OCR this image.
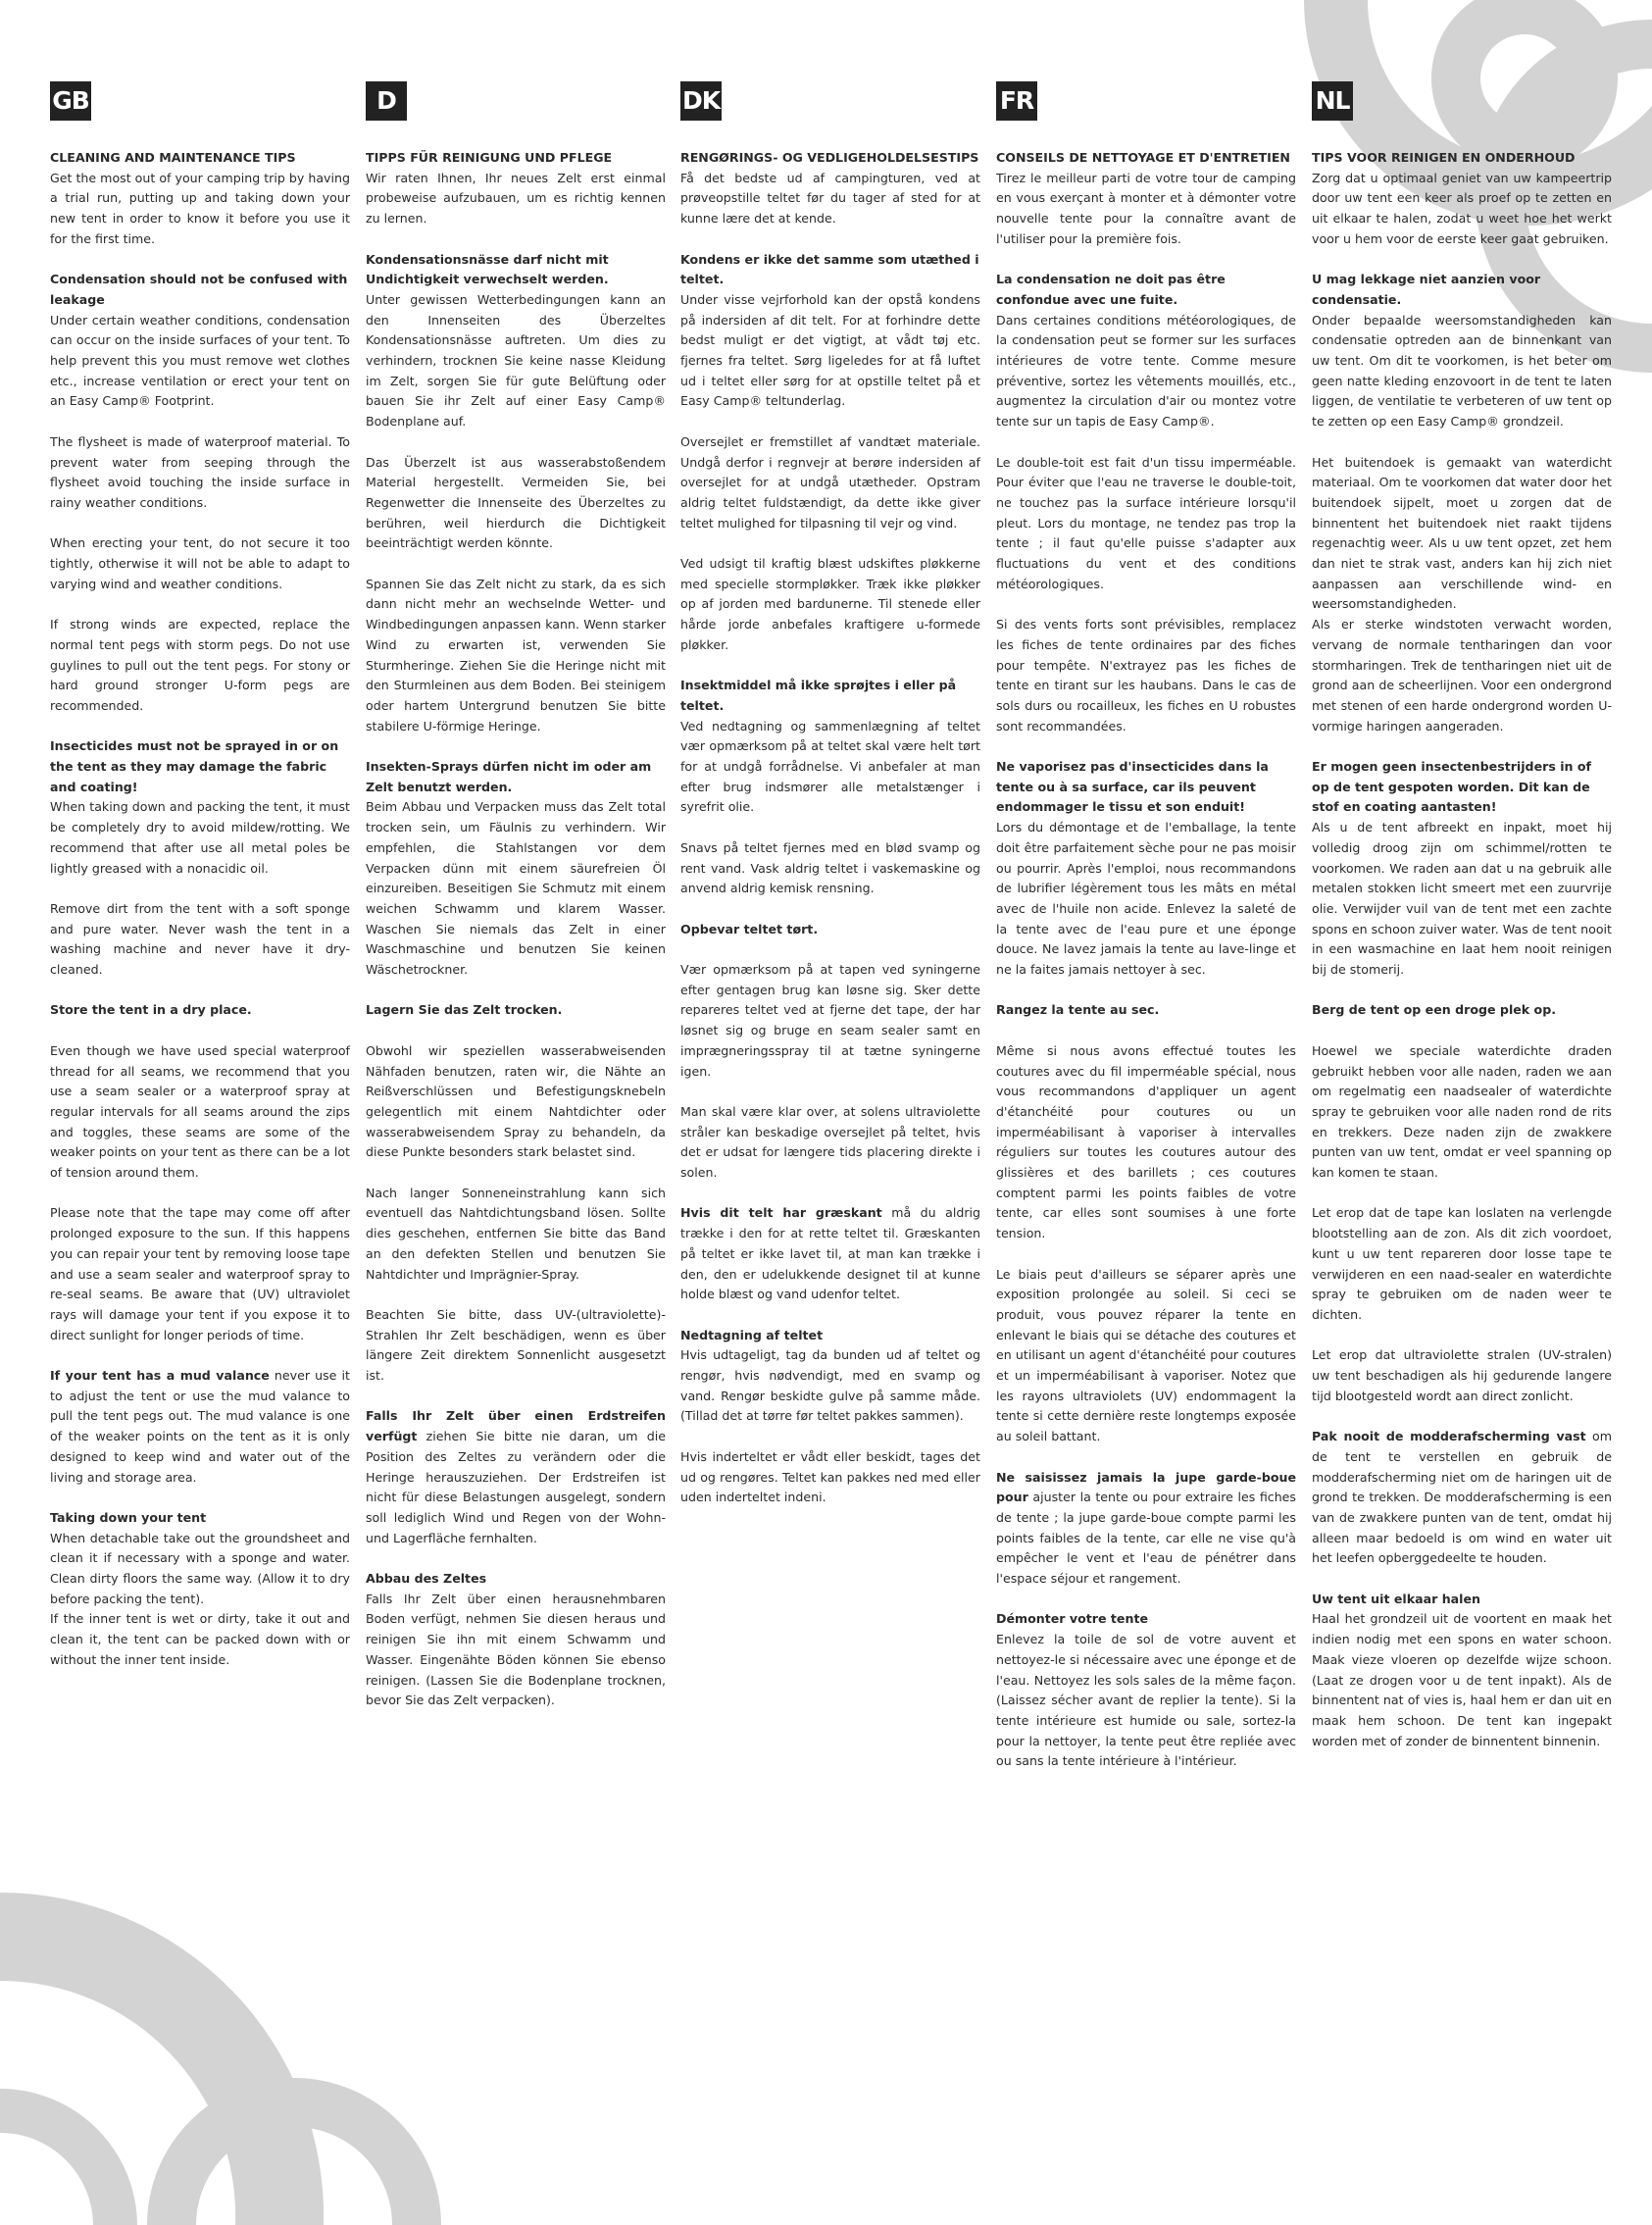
GB

CLEANING AND MAINTENANCE TIPS

Get the most out of your camping trip by having a trial run, putting up and taking down your new tent in order to know it before you use it for the first time.

Condensation should not be confused with leakage

Under certain weather conditions, condensation can occur on the inside surfaces of your tent. To help prevent this you must remove wet clothes etc., increase ventilation or erect your tent on an Easy Camp® Footprint.

The flysheet is made of waterproof material. To prevent water from seeping through the flysheet avoid touching the inside surface in rainy weather conditions.

When erecting your tent, do not secure it too tightly, otherwise it will not be able to adapt to varying wind and weather conditions.

If strong winds are expected, replace the normal tent pegs with storm pegs. Do not use guylines to pull out the tent pegs. For stony or hard ground stronger U-form pegs are recommended.

Insecticides must not be sprayed in or on the tent as they may damage the fabric and coating!

When taking down and packing the tent, it must be completely dry to avoid mildew/rotting. We recommend that after use all metal poles be lightly greased with a nonacidic oil.

Remove dirt from the tent with a soft sponge and pure water. Never wash the tent in a washing machine and never have it dry-cleaned.

Store the tent in a dry place.

Even though we have used special waterproof thread for all seams, we recommend that you use a seam sealer or a waterproof spray at regular intervals for all seams around the zips and toggles, these seams are some of the weaker points on your tent as there can be a lot of tension around them.

Please note that the tape may come off after prolonged exposure to the sun. If this happens you can repair your tent by removing loose tape and use a seam sealer and waterproof spray to re-seal seams. Be aware that (UV) ultraviolet rays will damage your tent if you expose it to direct sunlight for longer periods of time.

If your tent has a mud valance never use it to adjust the tent or use the mud valance to pull the tent pegs out. The mud valance is one of the weaker points on the tent as it is only designed to keep wind and water out of the living and storage area.

Taking down your tent

When detachable take out the groundsheet and clean it if necessary with a sponge and water. Clean dirty floors the same way. (Allow it to dry before packing the tent).

If the inner tent is wet or dirty, take it out and clean it, the tent can be packed down with or without the inner tent inside.

D

TIPPS FÜR REINIGUNG UND PFLEGE

Wir raten Ihnen, Ihr neues Zelt erst einmal probeweise aufzubauen, um es richtig kennen zu lernen.

Kondensationsnässe darf nicht mit Undichtigkeit verwechselt werden.

Unter gewissen Wetterbedingungen kann an den Innenseiten des Überzeltes Kondensationsnässe auftreten. Um dies zu verhindern, trocknen Sie keine nasse Kleidung im Zelt, sorgen Sie für gute Belüftung oder bauen Sie ihr Zelt auf einer Easy Camp® Bodenplane auf.

Das Überzelt ist aus wasserabstoßendem Material hergestellt. Vermeiden Sie, bei Regenwetter die Innenseite des Überzeltes zu berühren, weil hierdurch die Dichtigkeit beeinträchtigt werden könnte.

Spannen Sie das Zelt nicht zu stark, da es sich dann nicht mehr an wechselnde Wetter- und Windbedingungen anpassen kann. Wenn starker Wind zu erwarten ist, verwenden Sie Sturmheringe. Ziehen Sie die Heringe nicht mit den Sturmleinen aus dem Boden. Bei steinigem oder hartem Untergrund benutzen Sie bitte stabilere U-förmige Heringe.

Insekten-Sprays dürfen nicht im oder am Zelt benutzt werden.

Beim Abbau und Verpacken muss das Zelt total trocken sein, um Fäulnis zu verhindern. Wir empfehlen, die Stahlstangen vor dem Verpacken dünn mit einem säurefreien Öl einzureiben. Beseitigen Sie Schmutz mit einem weichen Schwamm und klarem Wasser. Waschen Sie niemals das Zelt in einer Waschmaschine und benutzen Sie keinen Wäschetrockner.

Lagern Sie das Zelt trocken.

Obwohl wir speziellen wasserabweisenden Nähfaden benutzen, raten wir, die Nähte an Reißverschlüssen und Befestigungsknebeln gelegentlich mit einem Nahtdichter oder wasserabweisendem Spray zu behandeln, da diese Punkte besonders stark belastet sind.

Nach langer Sonneneinstrahlung kann sich eventuell das Nahtdichtungsband lösen. Sollte dies geschehen, entfernen Sie bitte das Band an den defekten Stellen und benutzen Sie Nahtdichter und Imprägnier-Spray.

Beachten Sie bitte, dass UV-(ultraviolette)-Strahlen Ihr Zelt beschädigen, wenn es über längere Zeit direktem Sonnenlicht ausgesetzt ist.

Falls Ihr Zelt über einen Erdstreifen verfügt ziehen Sie bitte nie daran, um die Position des Zeltes zu verändern oder die Heringe herauszuziehen. Der Erdstreifen ist nicht für diese Belastungen ausgelegt, sondern soll lediglich Wind und Regen von der Wohn- und Lagerfläche fernhalten.

Abbau des Zeltes

Falls Ihr Zelt über einen herausnehmbaren Boden verfügt, nehmen Sie diesen heraus und reinigen Sie ihn mit einem Schwamm und Wasser. Eingenähte Böden können Sie ebenso reinigen. (Lassen Sie die Bodenplane trocknen, bevor Sie das Zelt verpacken).

DK

RENGØRINGS- OG VEDLIGEHOLDELSESTIPS

Få det bedste ud af campingturen, ved at prøveopstille teltet før du tager af sted for at kunne lære det at kende.

Kondens er ikke det samme som utæthed i teltet.

Under visse vejrforhold kan der opstå kondens på indersiden af dit telt. For at forhindre dette bedst muligt er det vigtigt, at vådt tøj etc. fjernes fra teltet. Sørg ligeledes for at få luftet ud i teltet eller sørg for at opstille teltet på et Easy Camp® teltunderlag.

Oversejlet er fremstillet af vandtæt materiale. Undgå derfor i regnvejr at berøre indersiden af oversejlet for at undgå utætheder. Opstram aldrig teltet fuldstændigt, da dette ikke giver teltet mulighed for tilpasning til vejr og vind.

Ved udsigt til kraftig blæst udskiftes pløkkerne med specielle stormpløkker. Træk ikke pløkker op af jorden med bardunerne. Til stenede eller hårde jorde anbefales kraftigere u-formede pløkker.

Insektmiddel må ikke sprøjtes i eller på teltet.

Ved nedtagning og sammenlægning af teltet vær opmærksom på at teltet skal være helt tørt for at undgå forrådnelse. Vi anbefaler at man efter brug indsmører alle metalstænger i syrefrit olie.

Snavs på teltet fjernes med en blød svamp og rent vand. Vask aldrig teltet i vaskemaskine og anvend aldrig kemisk rensning.

Opbevar teltet tørt.

Vær opmærksom på at tapen ved syningerne efter gentagen brug kan løsne sig. Sker dette repareres teltet ved at fjerne det tape, der har løsnet sig og bruge en seam sealer samt en imprægneringsspray til at tætne syningerne igen.

Man skal være klar over, at solens ultraviolette stråler kan beskadige oversejlet på teltet, hvis det er udsat for længere tids placering direkte i solen.

Hvis dit telt har græskant må du aldrig trække i den for at rette teltet til. Græskanten på teltet er ikke lavet til, at man kan trække i den, den er udelukkende designet til at kunne holde blæst og vand udenfor teltet.

Nedtagning af teltet

Hvis udtageligt, tag da bunden ud af teltet og rengør, hvis nødvendigt, med en svamp og vand. Rengør beskidte gulve på samme måde. (Tillad det at tørre før teltet pakkes sammen).

Hvis inderteltet er vådt eller beskidt, tages det ud og rengøres. Teltet kan pakkes ned med eller uden inderteltet indeni.

FR

CONSEILS DE NETTOYAGE ET D'ENTRETIEN

Tirez le meilleur parti de votre tour de camping en vous exerçant à monter et à démonter votre nouvelle tente pour la connaître avant de l'utiliser pour la première fois.

La condensation ne doit pas être confondue avec une fuite.

Dans certaines conditions météorologiques, de la condensation peut se former sur les surfaces intérieures de votre tente. Comme mesure préventive, sortez les vêtements mouillés, etc., augmentez la circulation d'air ou montez votre tente sur un tapis de Easy Camp®.

Le double-toit est fait d'un tissu imperméable. Pour éviter que l'eau ne traverse le double-toit, ne touchez pas la surface intérieure lorsqu'il pleut. Lors du montage, ne tendez pas trop la tente ; il faut qu'elle puisse s'adapter aux fluctuations du vent et des conditions météorologiques.

Si des vents forts sont prévisibles, remplacez les fiches de tente ordinaires par des fiches pour tempête. N'extrayez pas les fiches de tente en tirant sur les haubans. Dans le cas de sols durs ou rocailleux, les fiches en U robustes sont recommandées.

Ne vaporisez pas d'insecticides dans la tente ou à sa surface, car ils peuvent endommager le tissu et son enduit!

Lors du démontage et de l'emballage, la tente doit être parfaitement sèche pour ne pas moisir ou pourrir. Après l'emploi, nous recommandons de lubrifier légèrement tous les mâts en métal avec de l'huile non acide. Enlevez la saleté de la tente avec de l'eau pure et une éponge douce. Ne lavez jamais la tente au lave-linge et ne la faites jamais nettoyer à sec.

Rangez la tente au sec.

Même si nous avons effectué toutes les coutures avec du fil imperméable spécial, nous vous recommandons d'appliquer un agent d'étanchéité pour coutures ou un imperméabilisant à vaporiser à intervalles réguliers sur toutes les coutures autour des glissières et des barillets ; ces coutures comptent parmi les points faibles de votre tente, car elles sont soumises à une forte tension.

Le biais peut d'ailleurs se séparer après une exposition prolongée au soleil. Si ceci se produit, vous pouvez réparer la tente en enlevant le biais qui se détache des coutures et en utilisant un agent d'étanchéité pour coutures et un imperméabilisant à vaporiser. Notez que les rayons ultraviolets (UV) endommagent la tente si cette dernière reste longtemps exposée au soleil battant.

Ne saisissez jamais la jupe garde-boue pour ajuster la tente ou pour extraire les fiches de tente ; la jupe garde-boue compte parmi les points faibles de la tente, car elle ne vise qu'à empêcher le vent et l'eau de pénétrer dans l'espace séjour et rangement.

Démonter votre tente

Enlevez la toile de sol de votre auvent et nettoyez-le si nécessaire avec une éponge et de l'eau. Nettoyez les sols sales de la même façon. (Laissez sécher avant de replier la tente). Si la tente intérieure est humide ou sale, sortez-la pour la nettoyer, la tente peut être repliée avec ou sans la tente intérieure à l'intérieur.

NL

TIPS VOOR REINIGEN EN ONDERHOUD

Zorg dat u optimaal geniet van uw kampeertrip door uw tent een keer als proef op te zetten en uit elkaar te halen, zodat u weet hoe het werkt voor u hem voor de eerste keer gaat gebruiken.

U mag lekkage niet aanzien voor condensatie.

Onder bepaalde weersomstandigheden kan condensatie optreden aan de binnenkant van uw tent. Om dit te voorkomen, is het beter om geen natte kleding enzovoort in de tent te laten liggen, de ventilatie te verbeteren of uw tent op te zetten op een Easy Camp® grondzeil.

Het buitendoek is gemaakt van waterdicht materiaal. Om te voorkomen dat water door het buitendoek sijpelt, moet u zorgen dat de binnentent het buitendoek niet raakt tijdens regenachtig weer. Als u uw tent opzet, zet hem dan niet te strak vast, anders kan hij zich niet aanpassen aan verschillende wind- en weersomstandigheden.

Als er sterke windstoten verwacht worden, vervang de normale tentharingen dan voor stormharingen. Trek de tentharingen niet uit de grond aan de scheerlijnen. Voor een ondergrond met stenen of een harde ondergrond worden U-vormige haringen aangeraden.

Er mogen geen insectenbestrijders in of op de tent gespoten worden. Dit kan de stof en coating aantasten!

Als u de tent afbreekt en inpakt, moet hij volledig droog zijn om schimmel/rotten te voorkomen. We raden aan dat u na gebruik alle metalen stokken licht smeert met een zuurvrije olie. Verwijder vuil van de tent met een zachte spons en schoon zuiver water. Was de tent nooit in een wasmachine en laat hem nooit reinigen bij de stomerij.

Berg de tent op een droge plek op.

Hoewel we speciale waterdichte draden gebruikt hebben voor alle naden, raden we aan om regelmatig een naadsealer of waterdichte spray te gebruiken voor alle naden rond de rits en trekkers. Deze naden zijn de zwakkere punten van uw tent, omdat er veel spanning op kan komen te staan.

Let erop dat de tape kan loslaten na verlengde blootstelling aan de zon. Als dit zich voordoet, kunt u uw tent repareren door losse tape te verwijderen en een naad-sealer en waterdichte spray te gebruiken om de naden weer te dichten.

Let erop dat ultraviolette stralen (UV-stralen) uw tent beschadigen als hij gedurende langere tijd blootgesteld wordt aan direct zonlicht.

Pak nooit de modderafscherming vast om de tent te verstellen en gebruik de modderafscherming niet om de haringen uit de grond te trekken. De modderafscherming is een van de zwakkere punten van de tent, omdat hij alleen maar bedoeld is om wind en water uit het leefen opberggedeelte te houden.

Uw tent uit elkaar halen

Haal het grondzeil uit de voortent en maak het indien nodig met een spons en water schoon. Maak vieze vloeren op dezelfde wijze schoon. (Laat ze drogen voor u de tent inpakt). Als de binnentent nat of vies is, haal hem er dan uit en maak hem schoon. De tent kan ingepakt worden met of zonder de binnentent binnenin.
